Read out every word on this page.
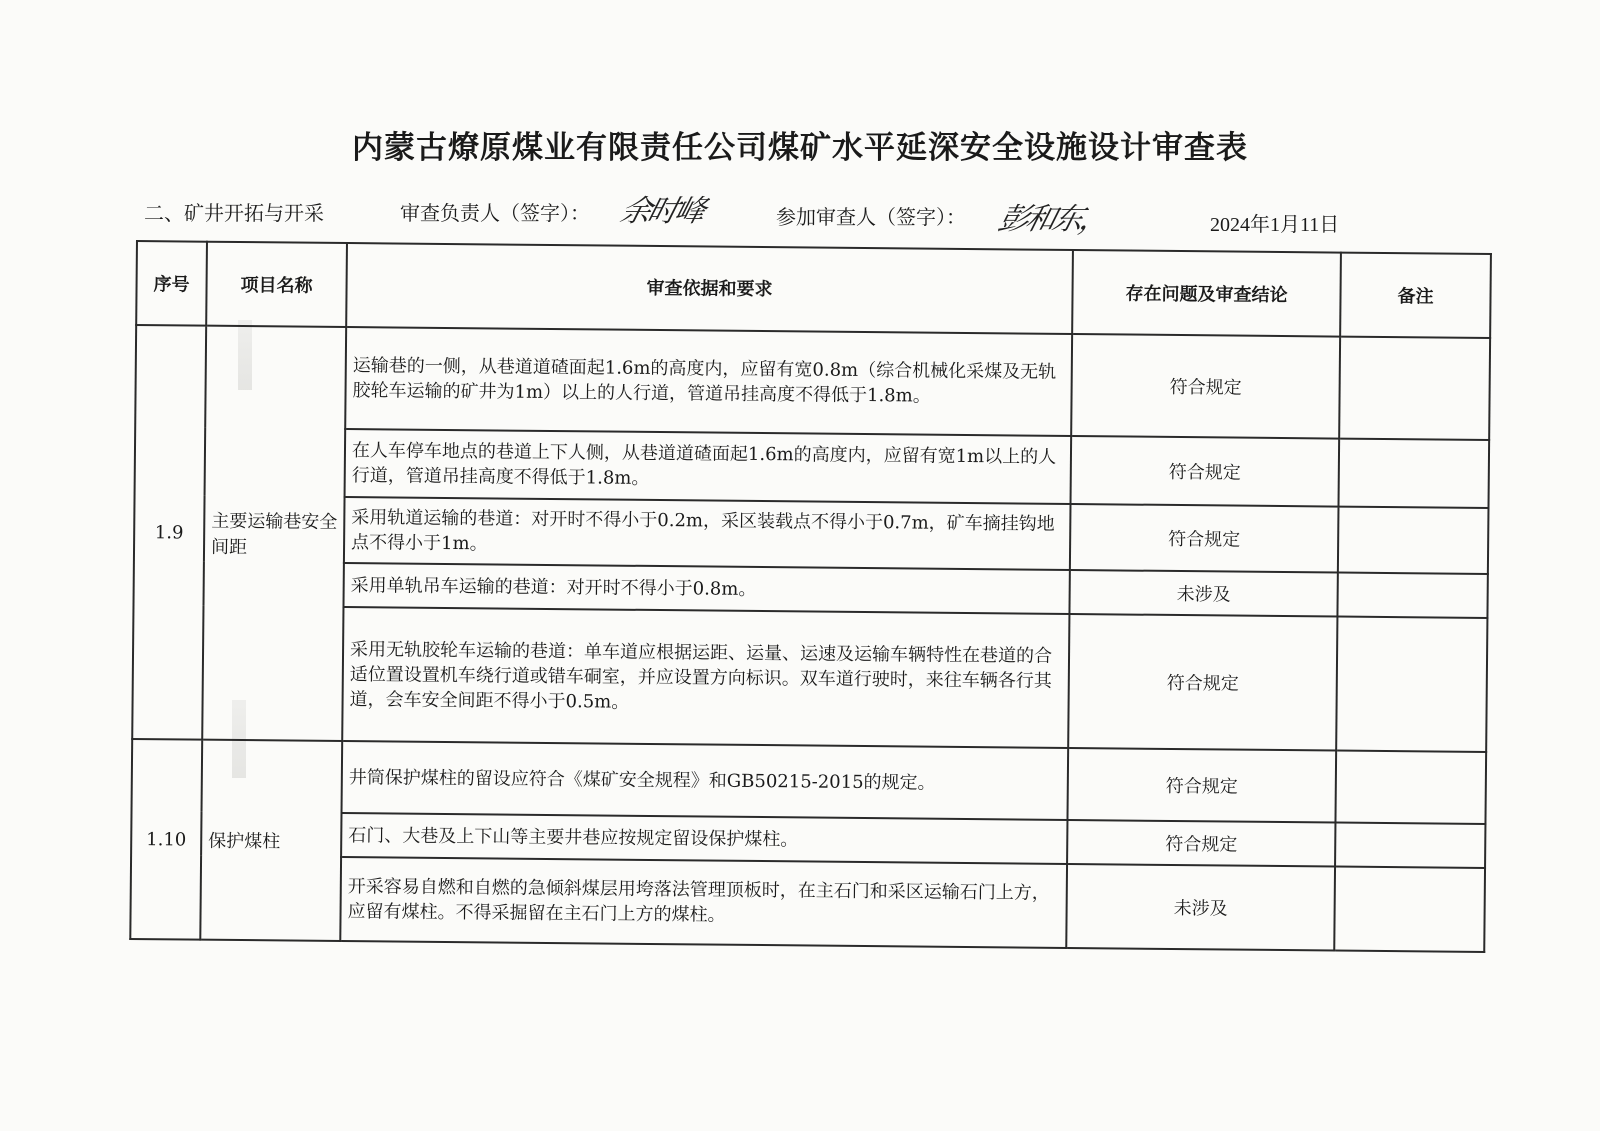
内蒙古燎原煤业有限责任公司煤矿水平延深安全设施设计审查表
二、矿井开拓与开采	审查负责人（签字）： 余时峰	参加审查人（签字）： 彭和东，	2024年1月11日
序号	项目名称	审查依据和要求	存在问题及审查结论	备注
1.9	主要运输巷安全间距	运输巷的一侧，从巷道道碴面起1.6m的高度内，应留有宽0.8m（综合机械化采煤及无轨胶轮车运输的矿井为1m）以上的人行道，管道吊挂高度不得低于1.8m。	符合规定	
		在人车停车地点的巷道上下人侧，从巷道道碴面起1.6m的高度内，应留有宽1m以上的人行道，管道吊挂高度不得低于1.8m。	符合规定	
		采用轨道运输的巷道：对开时不得小于0.2m，采区装载点不得小于0.7m，矿车摘挂钩地点不得小于1m。	符合规定	
		采用单轨吊车运输的巷道：对开时不得小于0.8m。	未涉及	
		采用无轨胶轮车运输的巷道：单车道应根据运距、运量、运速及运输车辆特性在巷道的合适位置设置机车绕行道或错车硐室，并应设置方向标识。双车道行驶时，来往车辆各行其道，会车安全间距不得小于0.5m。	符合规定	
1.10	保护煤柱	井筒保护煤柱的留设应符合《煤矿安全规程》和GB50215-2015的规定。	符合规定	
		石门、大巷及上下山等主要井巷应按规定留设保护煤柱。	符合规定	
		开采容易自燃和自燃的急倾斜煤层用垮落法管理顶板时，在主石门和采区运输石门上方，应留有煤柱。不得采掘留在主石门上方的煤柱。	未涉及	
